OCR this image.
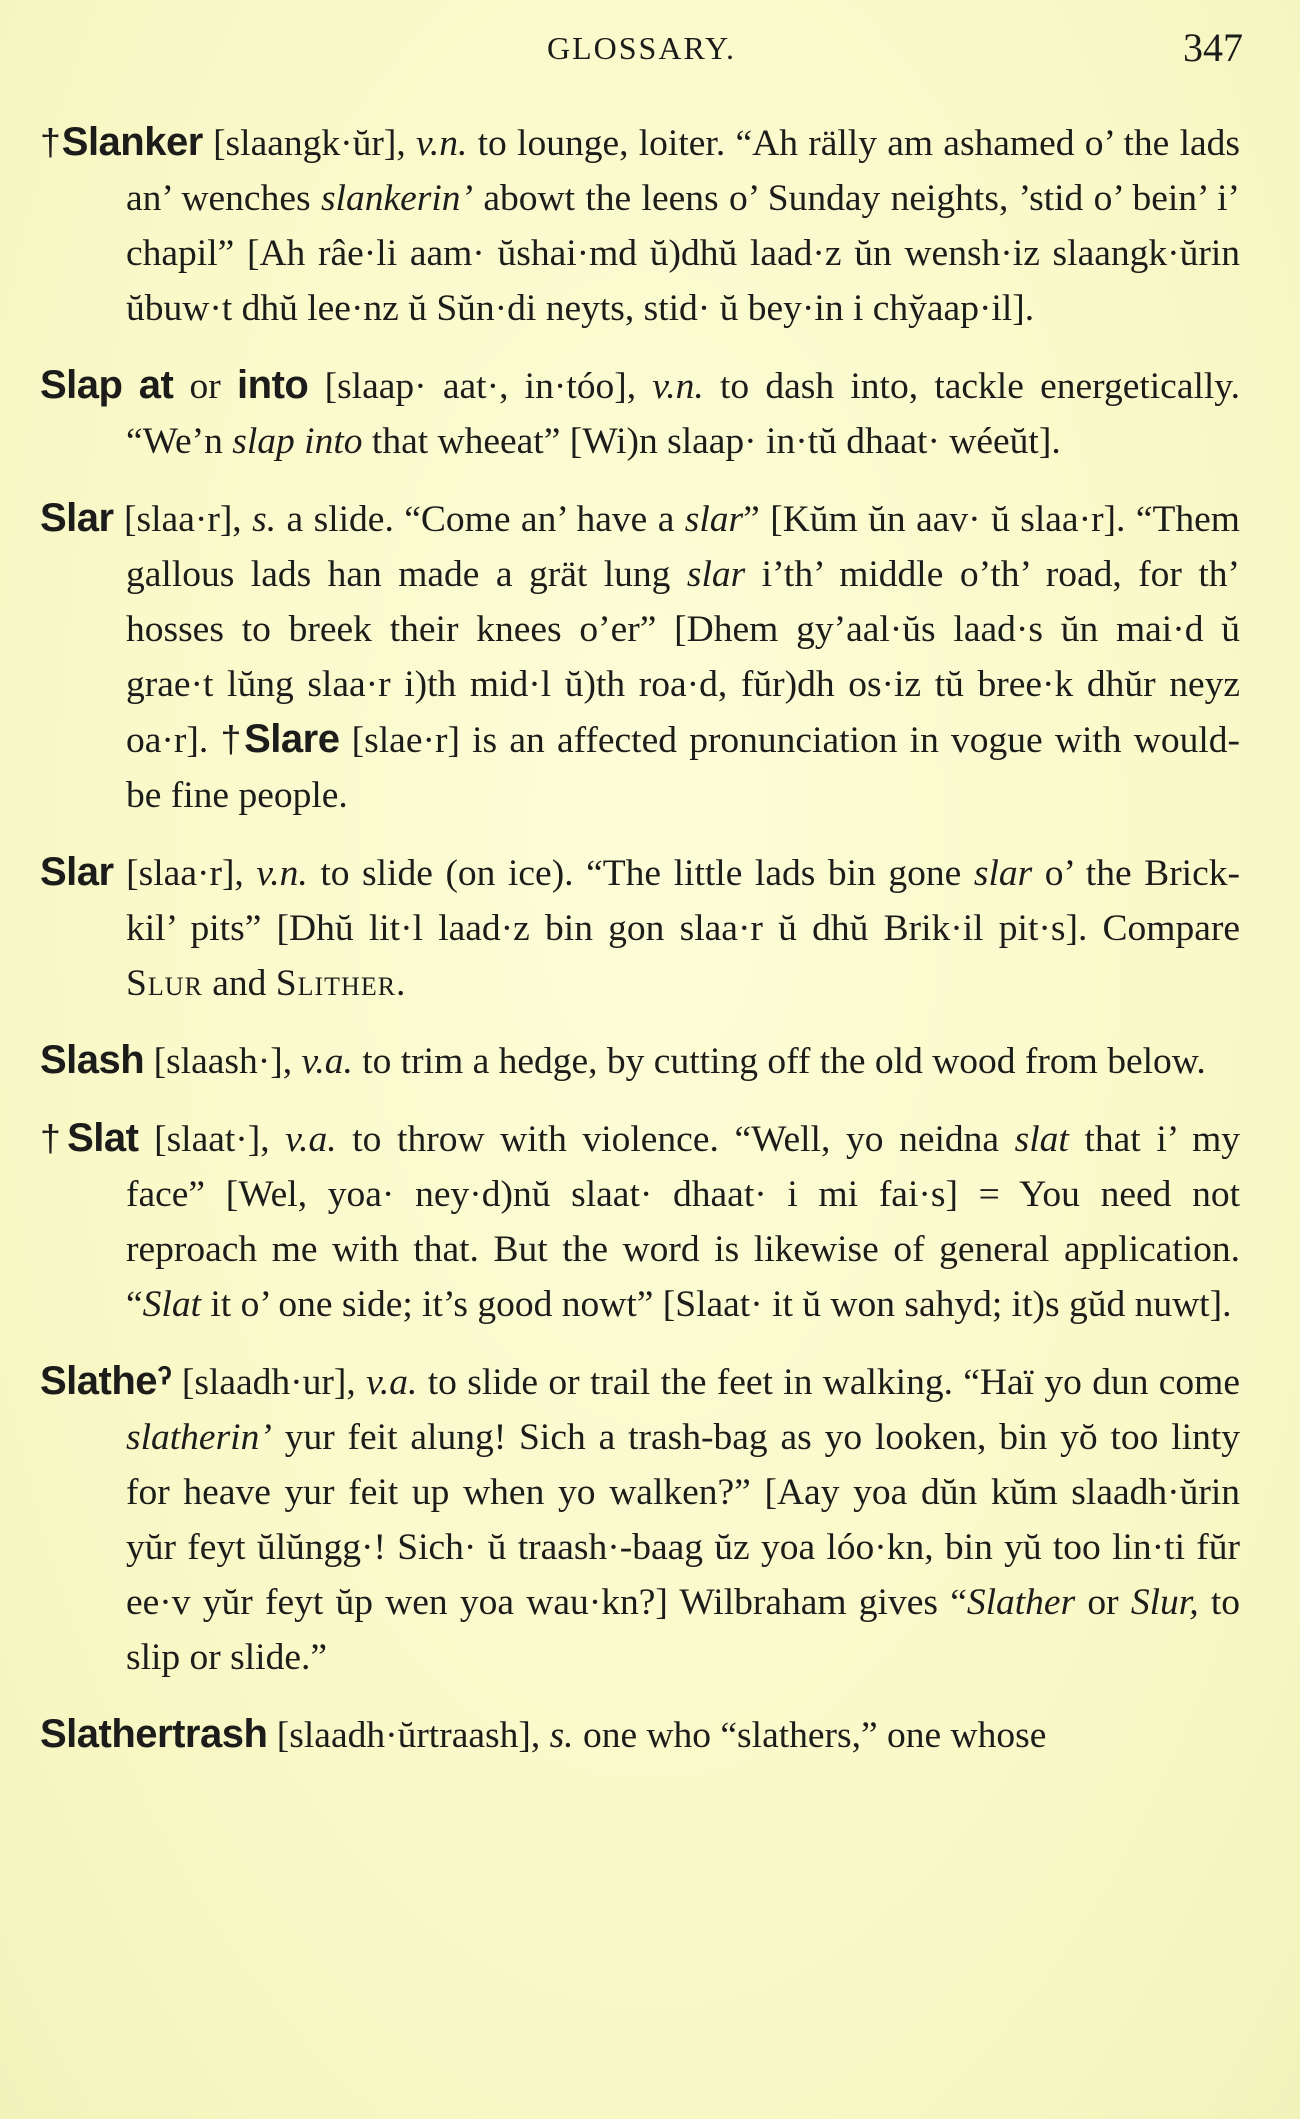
GLOSSARY.	347

†Slanker [slaangk·ŭr], v.n. to lounge, loiter. “Ah rälly am ashamed o’ the lads an’ wenches slankerin’ abowt the leens o’ Sunday neights, ’stid o’ bein’ i’ chapil” [Ah râe·li aam· ŭshai·md ŭ)dhŭ laad·z ŭn wensh·iz slaangk·ŭrin ŭbuw·t dhŭ lee·nz ŭ Sŭn·di neyts, stid· ŭ bey·in i chy̆aap·il].

Slap at or into [slaap· aat·, in·tóo], v.n. to dash into, tackle energetically. “We’n slap into that wheeat” [Wi)n slaap· in·tŭ dhaat· wéeŭt].

Slar [slaa·r], s. a slide. “Come an’ have a slar” [Kŭm ŭn aav· ŭ slaa·r]. “Them gallous lads han made a grät lung slar i’th’ middle o’th’ road, for th’ hosses to breek their knees o’er” [Dhem gy’aal·ŭs laad·s ŭn mai·d ŭ grae·t lŭng slaa·r i)th mid·l ŭ)th roa·d, fŭr)dh os·iz tŭ bree·k dhŭr neyz oa·r]. †Slare [slae·r] is an affected pronunciation in vogue with would-be fine people.

Slar [slaa·r], v.n. to slide (on ice). “The little lads bin gone slar o’ the Brick-kil’ pits” [Dhŭ lit·l laad·z bin gon slaa·r ŭ dhŭ Brik·il pit·s]. Compare Slur and Slither.

Slash [slaash·], v.a. to trim a hedge, by cutting off the old wood from below.

†Slat [slaat·], v.a. to throw with violence. “Well, yo neidna slat that i’ my face” [Wel, yoa· ney·d)nŭ slaat· dhaat· i mi fai·s] = You need not reproach me with that. But the word is likewise of general application. “Slat it o’ one side; it’s good nowt” [Slaat· it ŭ won sahyd; it)s gŭd nuwt].

Slatheˀ [slaadh·ur], v.a. to slide or trail the feet in walking. “Haï yo dun come slatherin’ yur feit alung! Sich a trash-bag as yo looken, bin yŏ too linty for heave yur feit up when yo walken?” [Aay yoa dŭn kŭm slaadh·ŭrin yŭr feyt ŭlŭngg·! Sich· ŭ traash·-baag ŭz yoa lóo·kn, bin yŭ too lin·ti fŭr ee·v yŭr feyt ŭp wen yoa wau·kn?] Wilbraham gives “Slather or Slur, to slip or slide.”

Slathertrash [slaadh·ŭrtraash], s. one who “slathers,” one whose
